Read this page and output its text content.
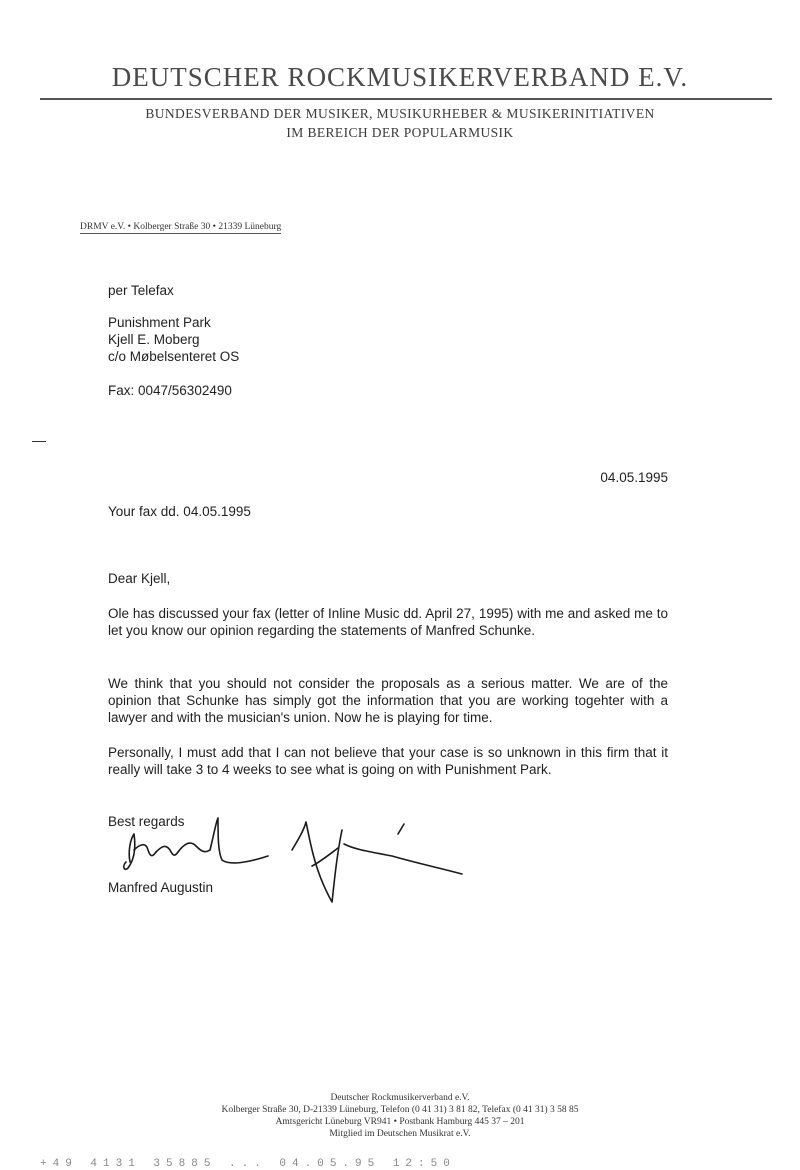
DEUTSCHER ROCKMUSIKERVERBAND E.V.
BUNDESVERBAND DER MUSIKER, MUSIKURHEBER & MUSIKERINITIATIVEN
IM BEREICH DER POPULARMUSIK
DRMV e.V. • Kolberger Straße 30 • 21339 Lüneburg
per Telefax
Punishment Park
Kjell E. Moberg
c/o Møbelsenteret OS
Fax: 0047/56302490
04.05.1995
Your fax dd. 04.05.1995
Dear Kjell,
Ole has discussed your fax (letter of Inline Music dd. April 27, 1995) with me and asked me to let you know our opinion regarding the statements of Manfred Schunke.
We think that you should not consider the proposals as a serious matter. We are of the opinion that Schunke has simply got the information that you are working togehter with a lawyer and with the musician's union. Now he is playing for time.
Personally, I must add that I can not believe that your case is so unknown in this firm that it really will take 3 to 4 weeks to see what is going on with Punishment Park.
Best regards
Manfred Augustin
Deutscher Rockmusikerverband e.V.
Kolberger Straße 30, D-21339 Lüneburg, Telefon (0 41 31) 3 81 82, Telefax (0 41 31) 3 58 85
Amtsgericht Lüneburg VR941 • Postbank Hamburg 445 37 – 201
Mitglied im Deutschen Musikrat e.V.
+49 4131 35885 ... 04.05.95 12:50
